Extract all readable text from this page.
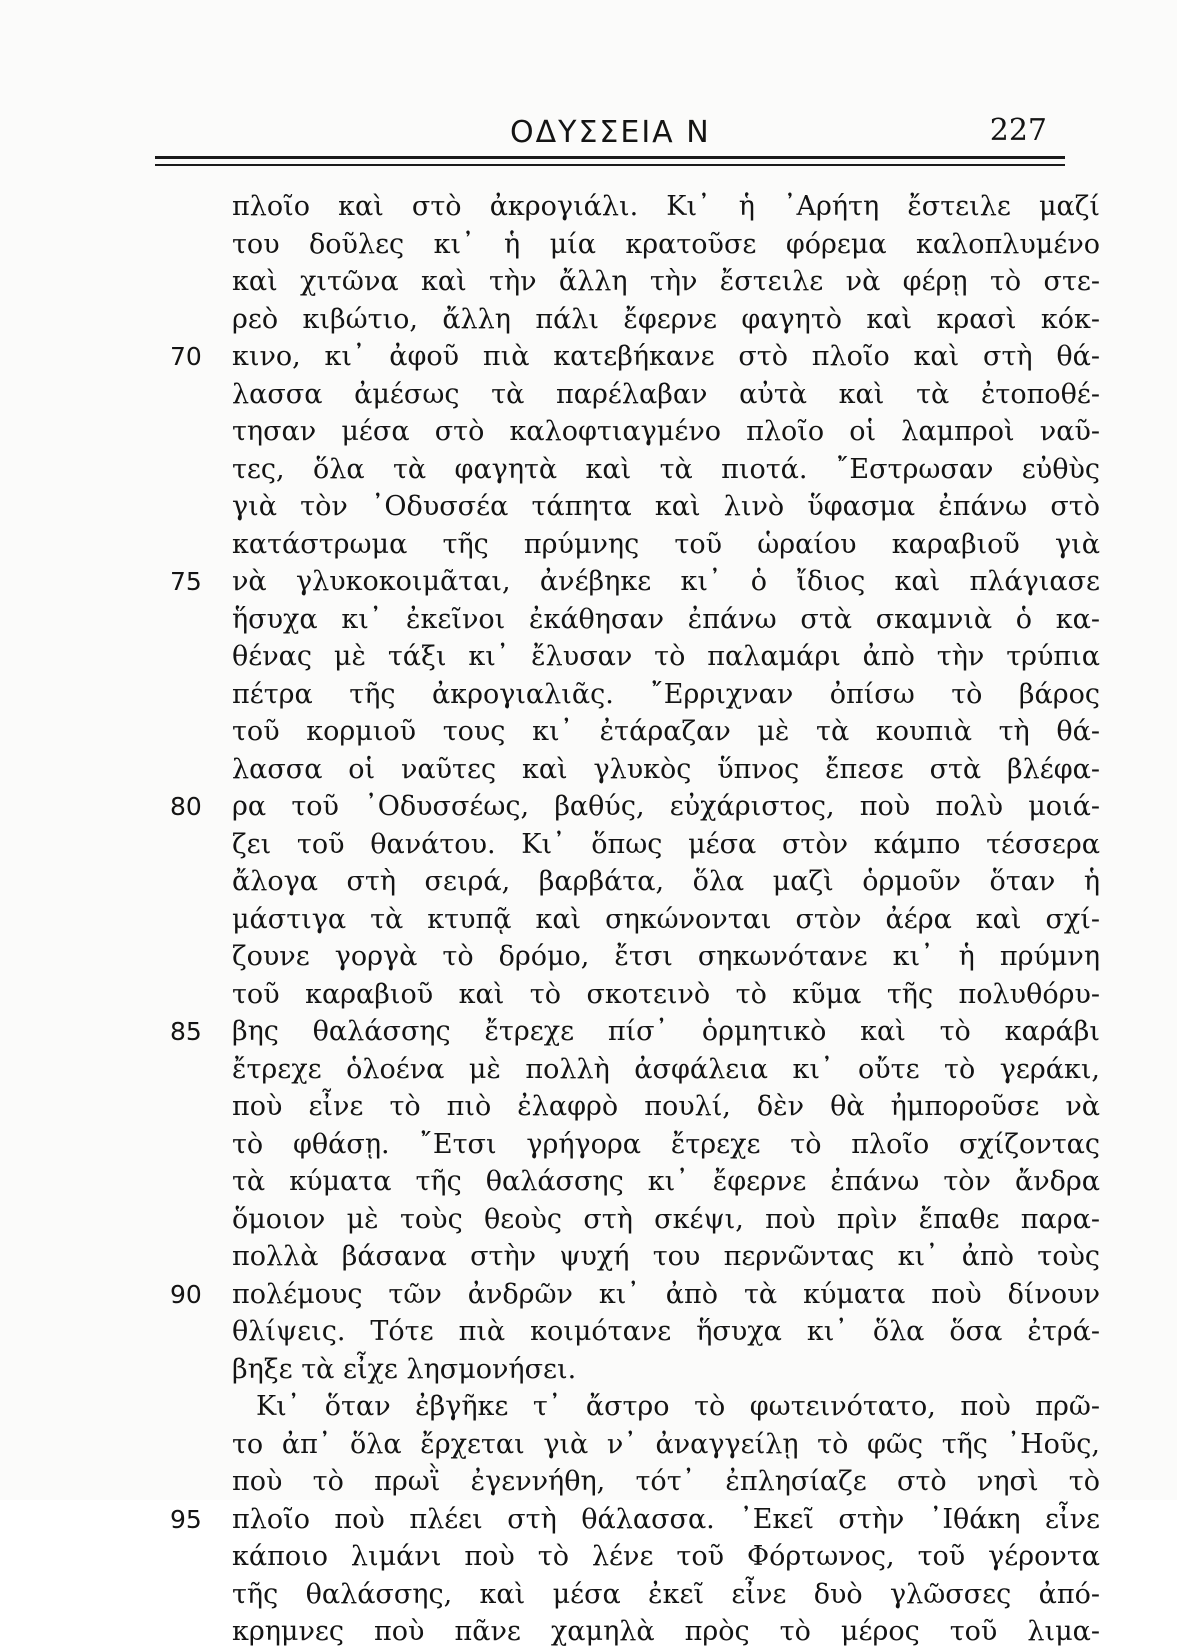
ΟΔΥΣΣΕΙΑ Ν	227
πλοῖο καὶ στὸ ἀκρογιάλι. Κι᾿ ἡ ᾿Αρήτη ἔστειλε μαζί
του δοῦλες κι᾿ ἡ μία κρατοῦσε φόρεμα καλοπλυμένο
καὶ χιτῶνα καὶ τὴν ἄλλη τὴν ἔστειλε νὰ φέρῃ τὸ στε-
ρεὸ κιβώτιο, ἄλλη πάλι ἔφερνε φαγητὸ καὶ κρασὶ κόκ-
70 κινο, κι᾿ ἀφοῦ πιὰ κατεβήκανε στὸ πλοῖο καὶ στὴ θά-
λασσα ἀμέσως τὰ παρέλαβαν αὐτὰ καὶ τὰ ἐτοποθέ-
τησαν μέσα στὸ καλοφτιαγμένο πλοῖο οἱ λαμπροὶ ναῦ-
τες, ὅλα τὰ φαγητὰ καὶ τὰ πιοτά. ῎Εστρωσαν εὐθὺς
γιὰ τὸν ᾿Οδυσσέα τάπητα καὶ λινὸ ὕφασμα ἐπάνω στὸ
κατάστρωμα τῆς πρύμνης τοῦ ὡραίου καραβιοῦ γιὰ
75 νὰ γλυκοκοιμᾶται, ἀνέβηκε κι᾿ ὁ ἴδιος καὶ πλάγιασε
ἥσυχα κι᾿ ἐκεῖνοι ἐκάθησαν ἐπάνω στὰ σκαμνιὰ ὁ κα-
θένας μὲ τάξι κι᾿ ἔλυσαν τὸ παλαμάρι ἀπὸ τὴν τρύπια
πέτρα τῆς ἀκρογιαλιᾶς. ῎Ερριχναν ὀπίσω τὸ βάρος
τοῦ κορμιοῦ τους κι᾿ ἐτάραζαν μὲ τὰ κουπιὰ τὴ θά-
λασσα οἱ ναῦτες καὶ γλυκὸς ὕπνος ἔπεσε στὰ βλέφα-
80 ρα τοῦ ᾿Οδυσσέως, βαθύς, εὐχάριστος, ποὺ πολὺ μοιά-
ζει τοῦ θανάτου. Κι᾿ ὅπως μέσα στὸν κάμπο τέσσερα
ἄλογα στὴ σειρά, βαρβάτα, ὅλα μαζὶ ὁρμοῦν ὅταν ἡ
μάστιγα τὰ κτυπᾷ καὶ σηκώνονται στὸν ἀέρα καὶ σχί-
ζουνε γοργὰ τὸ δρόμο, ἔτσι σηκωνότανε κι᾿ ἡ πρύμνη
τοῦ καραβιοῦ καὶ τὸ σκοτεινὸ τὸ κῦμα τῆς πολυθόρυ-
85 βης θαλάσσης ἔτρεχε πίσ᾿ ὁρμητικὸ καὶ τὸ καράβι
ἔτρεχε ὁλοένα μὲ πολλὴ ἀσφάλεια κι᾿ οὔτε τὸ γεράκι,
ποὺ εἶνε τὸ πιὸ ἐλαφρὸ πουλί, δὲν θὰ ἠμποροῦσε νὰ
τὸ φθάσῃ. ῎Ετσι γρήγορα ἔτρεχε τὸ πλοῖο σχίζοντας
τὰ κύματα τῆς θαλάσσης κι᾿ ἔφερνε ἐπάνω τὸν ἄνδρα
ὅμοιον μὲ τοὺς θεοὺς στὴ σκέψι, ποὺ πρὶν ἔπαθε παρα-
πολλὰ βάσανα στὴν ψυχή του περνῶντας κι᾿ ἀπὸ τοὺς
90 πολέμους τῶν ἀνδρῶν κι᾿ ἀπὸ τὰ κύματα ποὺ δίνουν
θλίψεις. Τότε πιὰ κοιμότανε ἥσυχα κι᾿ ὅλα ὅσα ἐτρά-
βηξε τὰ εἶχε λησμονήσει.
Κι᾿ ὅταν ἐβγῆκε τ᾿ ἄστρο τὸ φωτεινότατο, ποὺ πρῶ-
το ἀπ᾿ ὅλα ἔρχεται γιὰ ν᾿ ἀναγγείλῃ τὸ φῶς τῆς ᾿Ηοῦς,
ποὺ τὸ πρωῒ ἐγεννήθη, τότ᾿ ἐπλησίαζε στὸ νησὶ τὸ
95 πλοῖο ποὺ πλέει στὴ θάλασσα. ᾿Εκεῖ στὴν ᾿Ιθάκη εἶνε
κάποιο λιμάνι ποὺ τὸ λένε τοῦ Φόρτωνος, τοῦ γέροντα
τῆς θαλάσσης, καὶ μέσα ἐκεῖ εἶνε δυὸ γλῶσσες ἀπό-
κρημνες ποὺ πᾶνε χαμηλὰ πρὸς τὸ μέρος τοῦ λιμα-
